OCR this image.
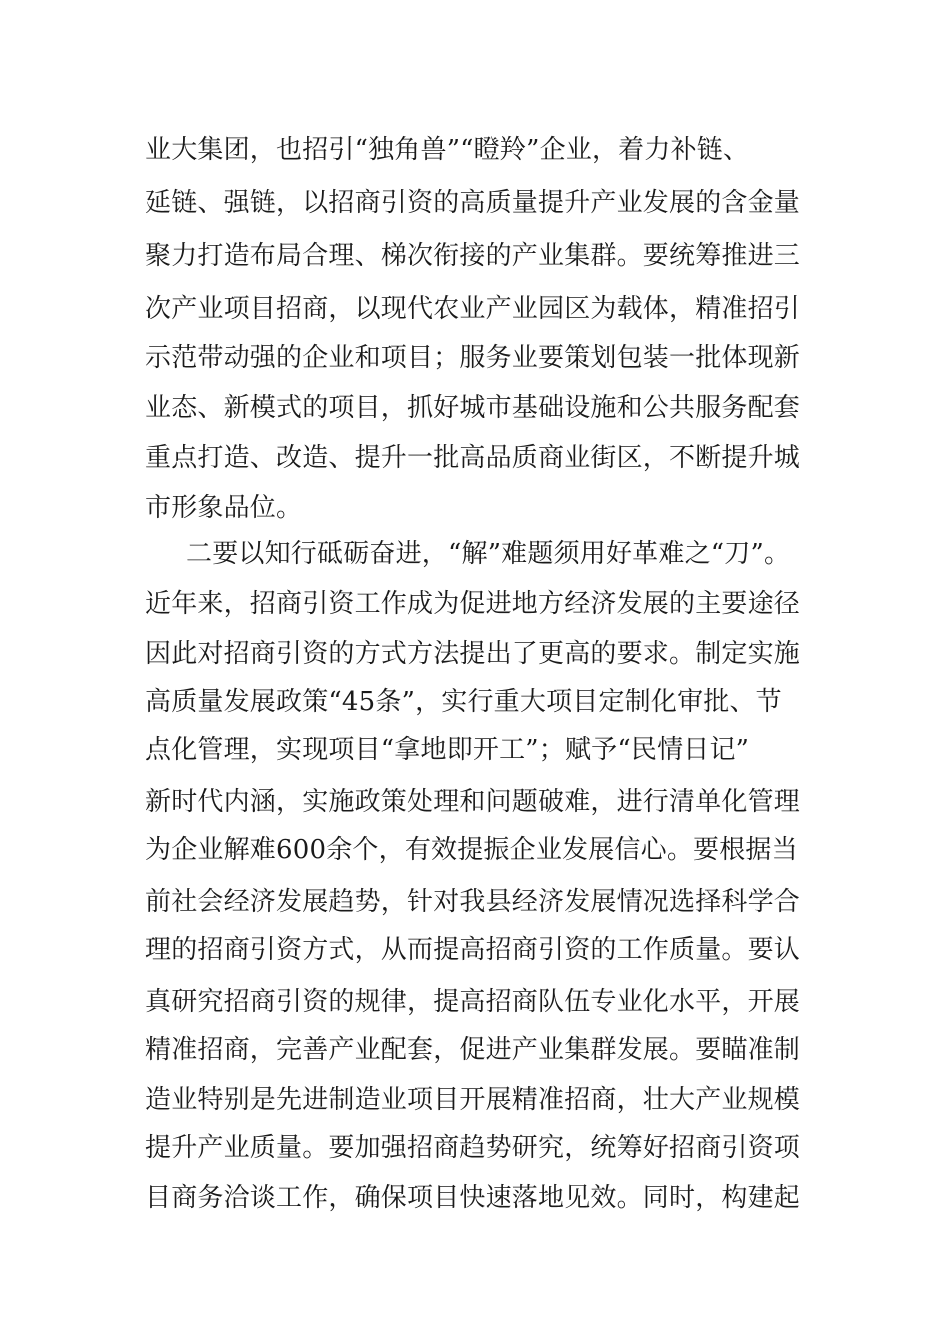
业大集团，也招引“独角兽”“瞪羚”企业，着力补链、
延链、强链，以招商引资的高质量提升产业发展的含金量
聚力打造布局合理、梯次衔接的产业集群。要统筹推进三
次产业项目招商，以现代农业产业园区为载体，精准招引
示范带动强的企业和项目；服务业要策划包装一批体现新
业态、新模式的项目，抓好城市基础设施和公共服务配套
重点打造、改造、提升一批高品质商业街区，不断提升城
市形象品位。
二要以知行砥砺奋进，“解”难题须用好革难之“刀”。
近年来，招商引资工作成为促进地方经济发展的主要途径
因此对招商引资的方式方法提出了更高的要求。制定实施
高质量发展政策“45条”，实行重大项目定制化审批、节
点化管理，实现项目“拿地即开工”；赋予“民情日记”
新时代内涵，实施政策处理和问题破难，进行清单化管理
为企业解难600余个，有效提振企业发展信心。要根据当
前社会经济发展趋势，针对我县经济发展情况选择科学合
理的招商引资方式，从而提高招商引资的工作质量。要认
真研究招商引资的规律，提高招商队伍专业化水平，开展
精准招商，完善产业配套，促进产业集群发展。要瞄准制
造业特别是先进制造业项目开展精准招商，壮大产业规模
提升产业质量。要加强招商趋势研究，统筹好招商引资项
目商务洽谈工作，确保项目快速落地见效。同时，构建起
